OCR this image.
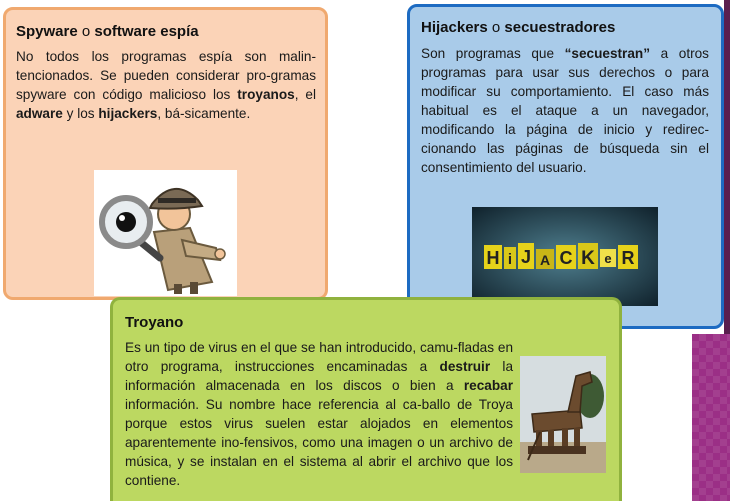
Spyware o software espía

No todos los programas espía son malin-tencionados. Se pueden considerar pro-gramas spyware con código malicioso los troyanos, el adware y los hijackers, bá-sicamente.

Hijackers o secuestradores

Son programas que “secuestran” a otros programas para usar sus derechos o para modificar su comportamiento. El caso más habitual es el ataque a un navegador, modificando la página de inicio y redirec-cionando las páginas de búsqueda sin el consentimiento del usuario.

H i J A C K e R
Troyano

Es un tipo de virus en el que se han introducido, camu-fladas en otro programa, instrucciones encaminadas a destruir la información almacenada en los discos o bien a recabar información. Su nombre hace referencia al ca-ballo de Troya porque estos virus suelen estar alojados en elementos aparentemente ino-fensivos, como una imagen o un archivo de música, y se instalan en el sistema al abrir el archivo que los contiene.
